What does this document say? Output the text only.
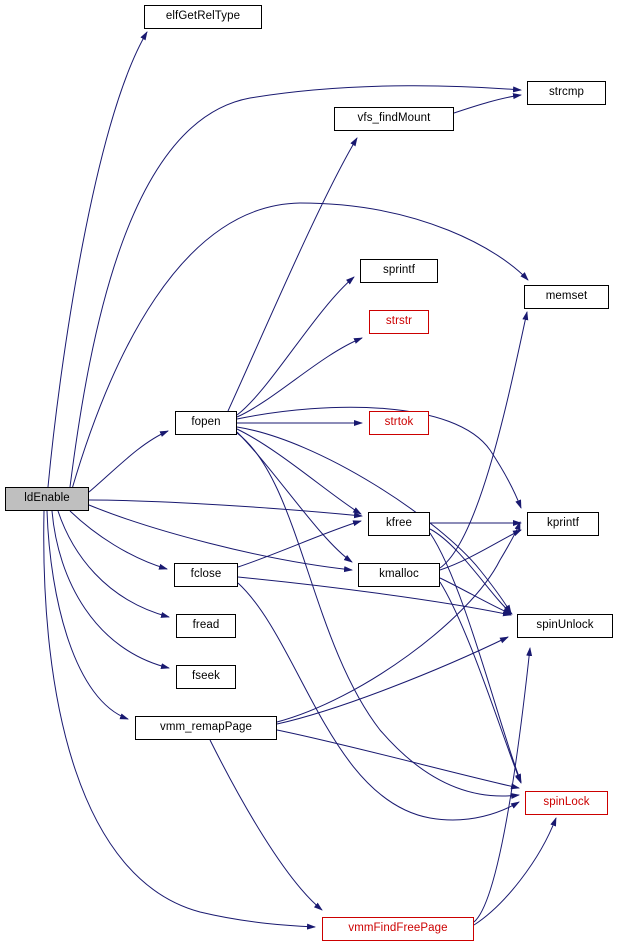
ldEnable
elfGetRelType
vfs_findMount
strcmp
sprintf
memset
strstr
fopen	strtok
kfree	kprintf
fclose	kmalloc
spinUnlock
fread
fseek
vmm_remapPage
spinLock
vmmFindFreePage
